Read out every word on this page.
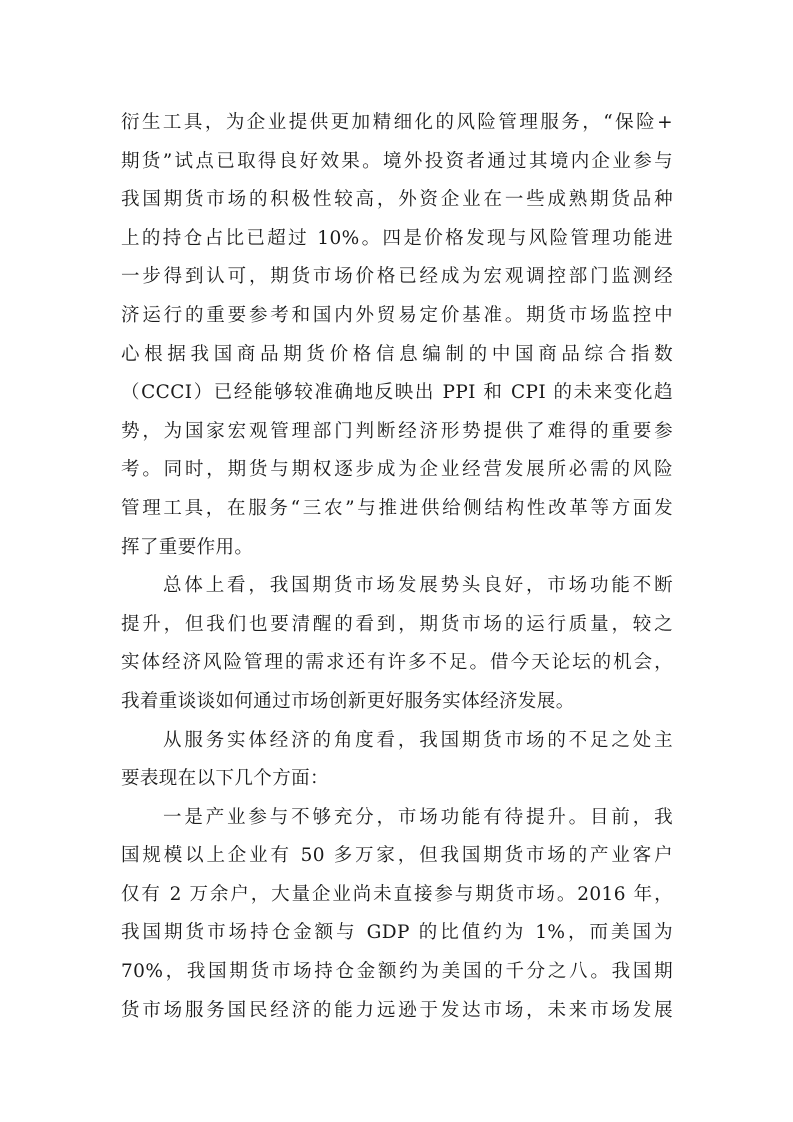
衍生工具，为企业提供更加精细化的风险管理服务，“保险+
期货”试点已取得良好效果。境外投资者通过其境内企业参与
我国期货市场的积极性较高，外资企业在一些成熟期货品种
上的持仓占比已超过 10%。四是价格发现与风险管理功能进
一步得到认可，期货市场价格已经成为宏观调控部门监测经
济运行的重要参考和国内外贸易定价基准。期货市场监控中
心根据我国商品期货价格信息编制的中国商品综合指数
（CCCI）已经能够较准确地反映出 PPI 和 CPI 的未来变化趋
势，为国家宏观管理部门判断经济形势提供了难得的重要参
考。同时，期货与期权逐步成为企业经营发展所必需的风险
管理工具，在服务“三农”与推进供给侧结构性改革等方面发
挥了重要作用。
总体上看，我国期货市场发展势头良好，市场功能不断
提升，但我们也要清醒的看到，期货市场的运行质量，较之
实体经济风险管理的需求还有许多不足。借今天论坛的机会，
我着重谈谈如何通过市场创新更好服务实体经济发展。
从服务实体经济的角度看，我国期货市场的不足之处主
要表现在以下几个方面：
一是产业参与不够充分，市场功能有待提升。目前，我
国规模以上企业有 50 多万家，但我国期货市场的产业客户
仅有 2 万余户，大量企业尚未直接参与期货市场。2016 年，
我国期货市场持仓金额与 GDP 的比值约为 1%，而美国为
70%，我国期货市场持仓金额约为美国的千分之八。我国期
货市场服务国民经济的能力远逊于发达市场，未来市场发展
